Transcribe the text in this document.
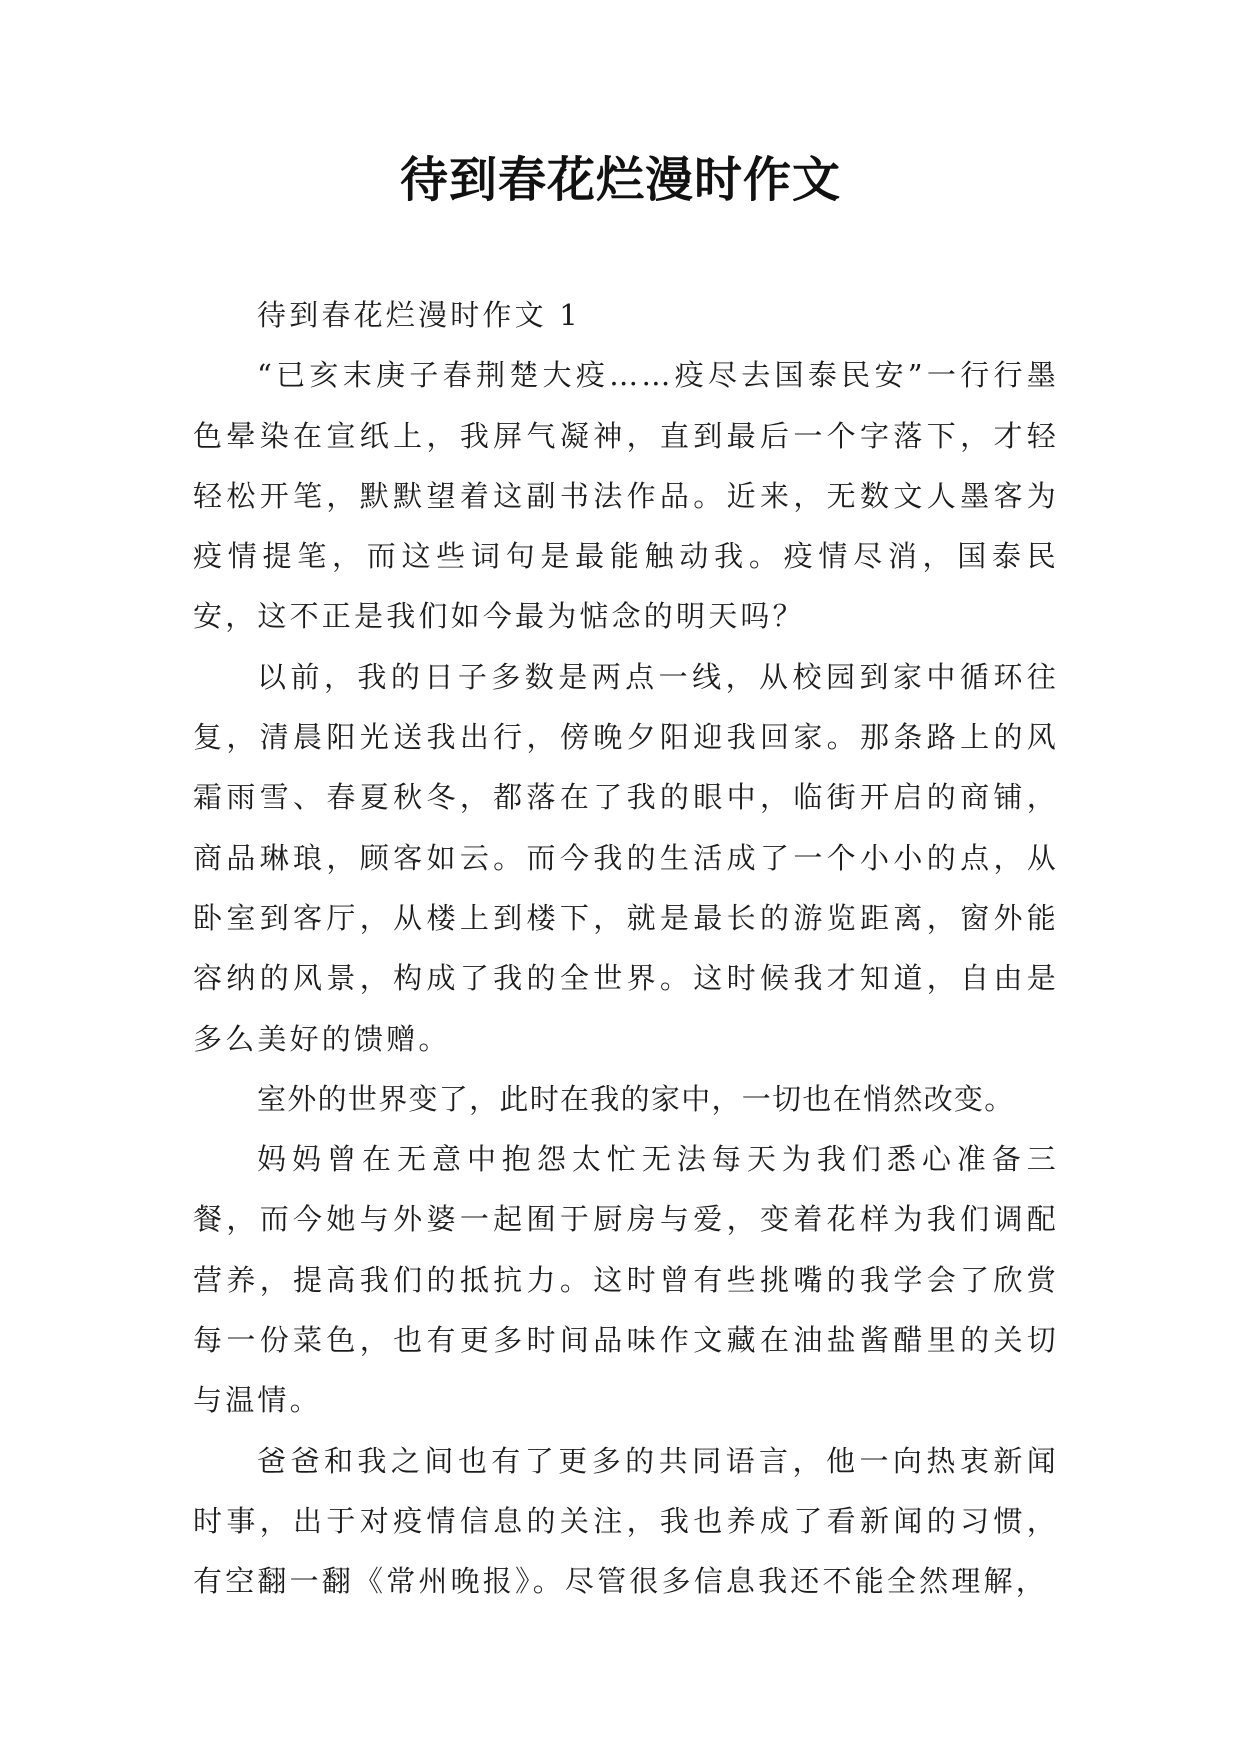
待到春花烂漫时作文

待到春花烂漫时作文 1

“已亥末庚子春荆楚大疫……疫尽去国泰民安”一行行墨色晕染在宣纸上，我屏气凝神，直到最后一个字落下，才轻轻松开笔，默默望着这副书法作品。近来，无数文人墨客为疫情提笔，而这些词句是最能触动我。疫情尽消，国泰民安，这不正是我们如今最为惦念的明天吗？

以前，我的日子多数是两点一线，从校园到家中循环往复，清晨阳光送我出行，傍晚夕阳迎我回家。那条路上的风霜雨雪、春夏秋冬，都落在了我的眼中，临街开启的商铺，商品琳琅，顾客如云。而今我的生活成了一个小小的点，从卧室到客厅，从楼上到楼下，就是最长的游览距离，窗外能容纳的风景，构成了我的全世界。这时候我才知道，自由是多么美好的馈赠。

室外的世界变了，此时在我的家中，一切也在悄然改变。

妈妈曾在无意中抱怨太忙无法每天为我们悉心准备三餐，而今她与外婆一起囿于厨房与爱，变着花样为我们调配营养，提高我们的抵抗力。这时曾有些挑嘴的我学会了欣赏每一份菜色，也有更多时间品味作文藏在油盐酱醋里的关切与温情。

爸爸和我之间也有了更多的共同语言，他一向热衷新闻时事，出于对疫情信息的关注，我也养成了看新闻的习惯，有空翻一翻《常州晚报》。尽管很多信息我还不能全然理解，
